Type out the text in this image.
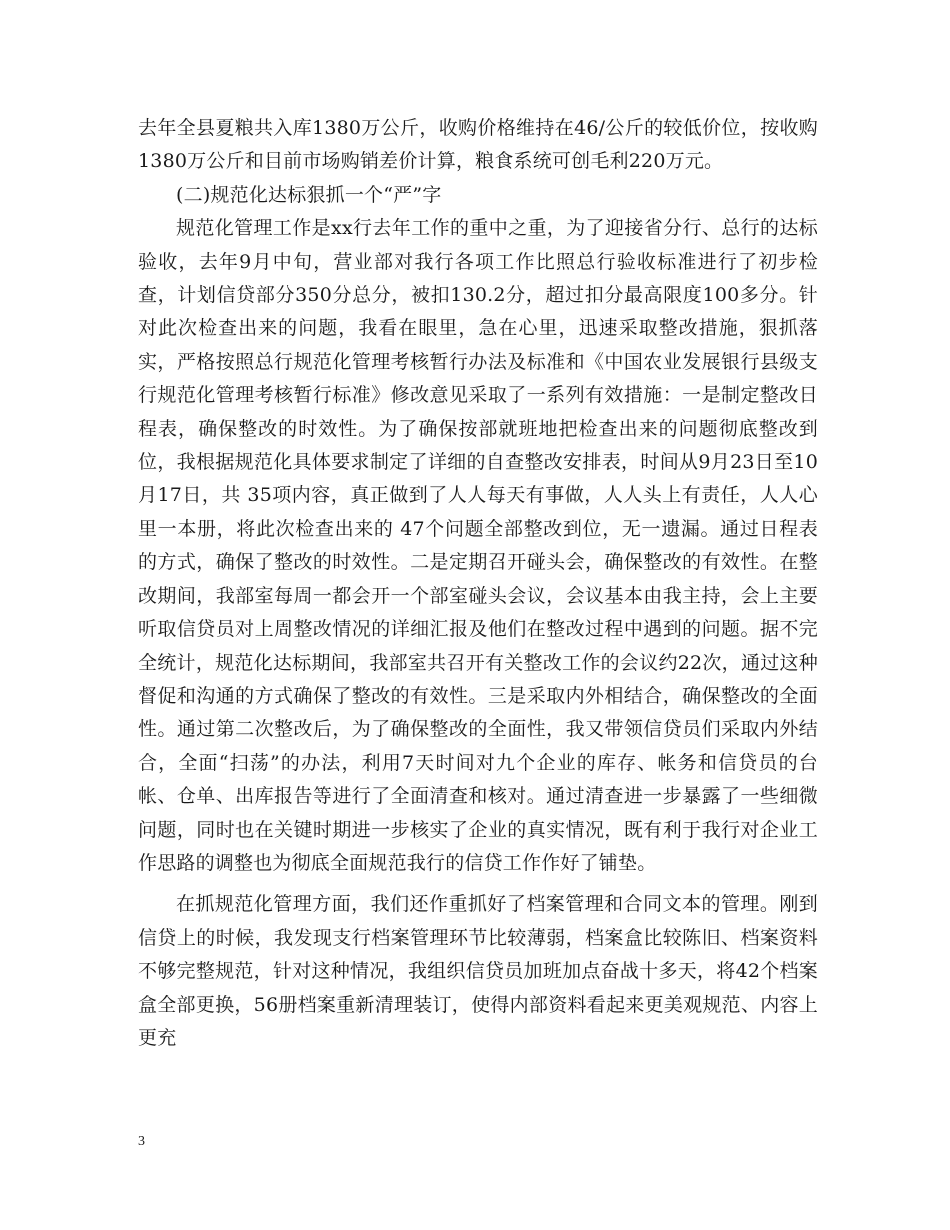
去年全县夏粮共入库1380万公斤，收购价格维持在46/公斤的较低价位，按收购1380万公斤和目前市场购销差价计算，粮食系统可创毛利220万元。

(二)规范化达标狠抓一个“严”字

规范化管理工作是xx行去年工作的重中之重，为了迎接省分行、总行的达标验收，去年9月中旬，营业部对我行各项工作比照总行验收标准进行了初步检查，计划信贷部分350分总分，被扣130.2分，超过扣分最高限度100多分。针对此次检查出来的问题，我看在眼里，急在心里，迅速采取整改措施，狠抓落实，严格按照总行规范化管理考核暂行办法及标准和《中国农业发展银行县级支行规范化管理考核暂行标准》修改意见采取了一系列有效措施：一是制定整改日程表，确保整改的时效性。为了确保按部就班地把检查出来的问题彻底整改到位，我根据规范化具体要求制定了详细的自查整改安排表，时间从9月23日至10月17日，共 35项内容，真正做到了人人每天有事做，人人头上有责任，人人心里一本册，将此次检查出来的 47个问题全部整改到位，无一遗漏。通过日程表的方式，确保了整改的时效性。二是定期召开碰头会，确保整改的有效性。在整改期间，我部室每周一都会开一个部室碰头会议，会议基本由我主持，会上主要听取信贷员对上周整改情况的详细汇报及他们在整改过程中遇到的问题。据不完全统计，规范化达标期间，我部室共召开有关整改工作的会议约22次，通过这种督促和沟通的方式确保了整改的有效性。三是采取内外相结合，确保整改的全面性。通过第二次整改后，为了确保整改的全面性，我又带领信贷员们采取内外结合，全面“扫荡”的办法，利用7天时间对九个企业的库存、帐务和信贷员的台帐、仓单、出库报告等进行了全面清查和核对。通过清查进一步暴露了一些细微问题，同时也在关键时期进一步核实了企业的真实情况，既有利于我行对企业工作思路的调整也为彻底全面规范我行的信贷工作作好了铺垫。

在抓规范化管理方面，我们还作重抓好了档案管理和合同文本的管理。刚到信贷上的时候，我发现支行档案管理环节比较薄弱，档案盒比较陈旧、档案资料不够完整规范，针对这种情况，我组织信贷员加班加点奋战十多天，将42个档案盒全部更换，56册档案重新清理装订，使得内部资料看起来更美观规范、内容上更充

3
